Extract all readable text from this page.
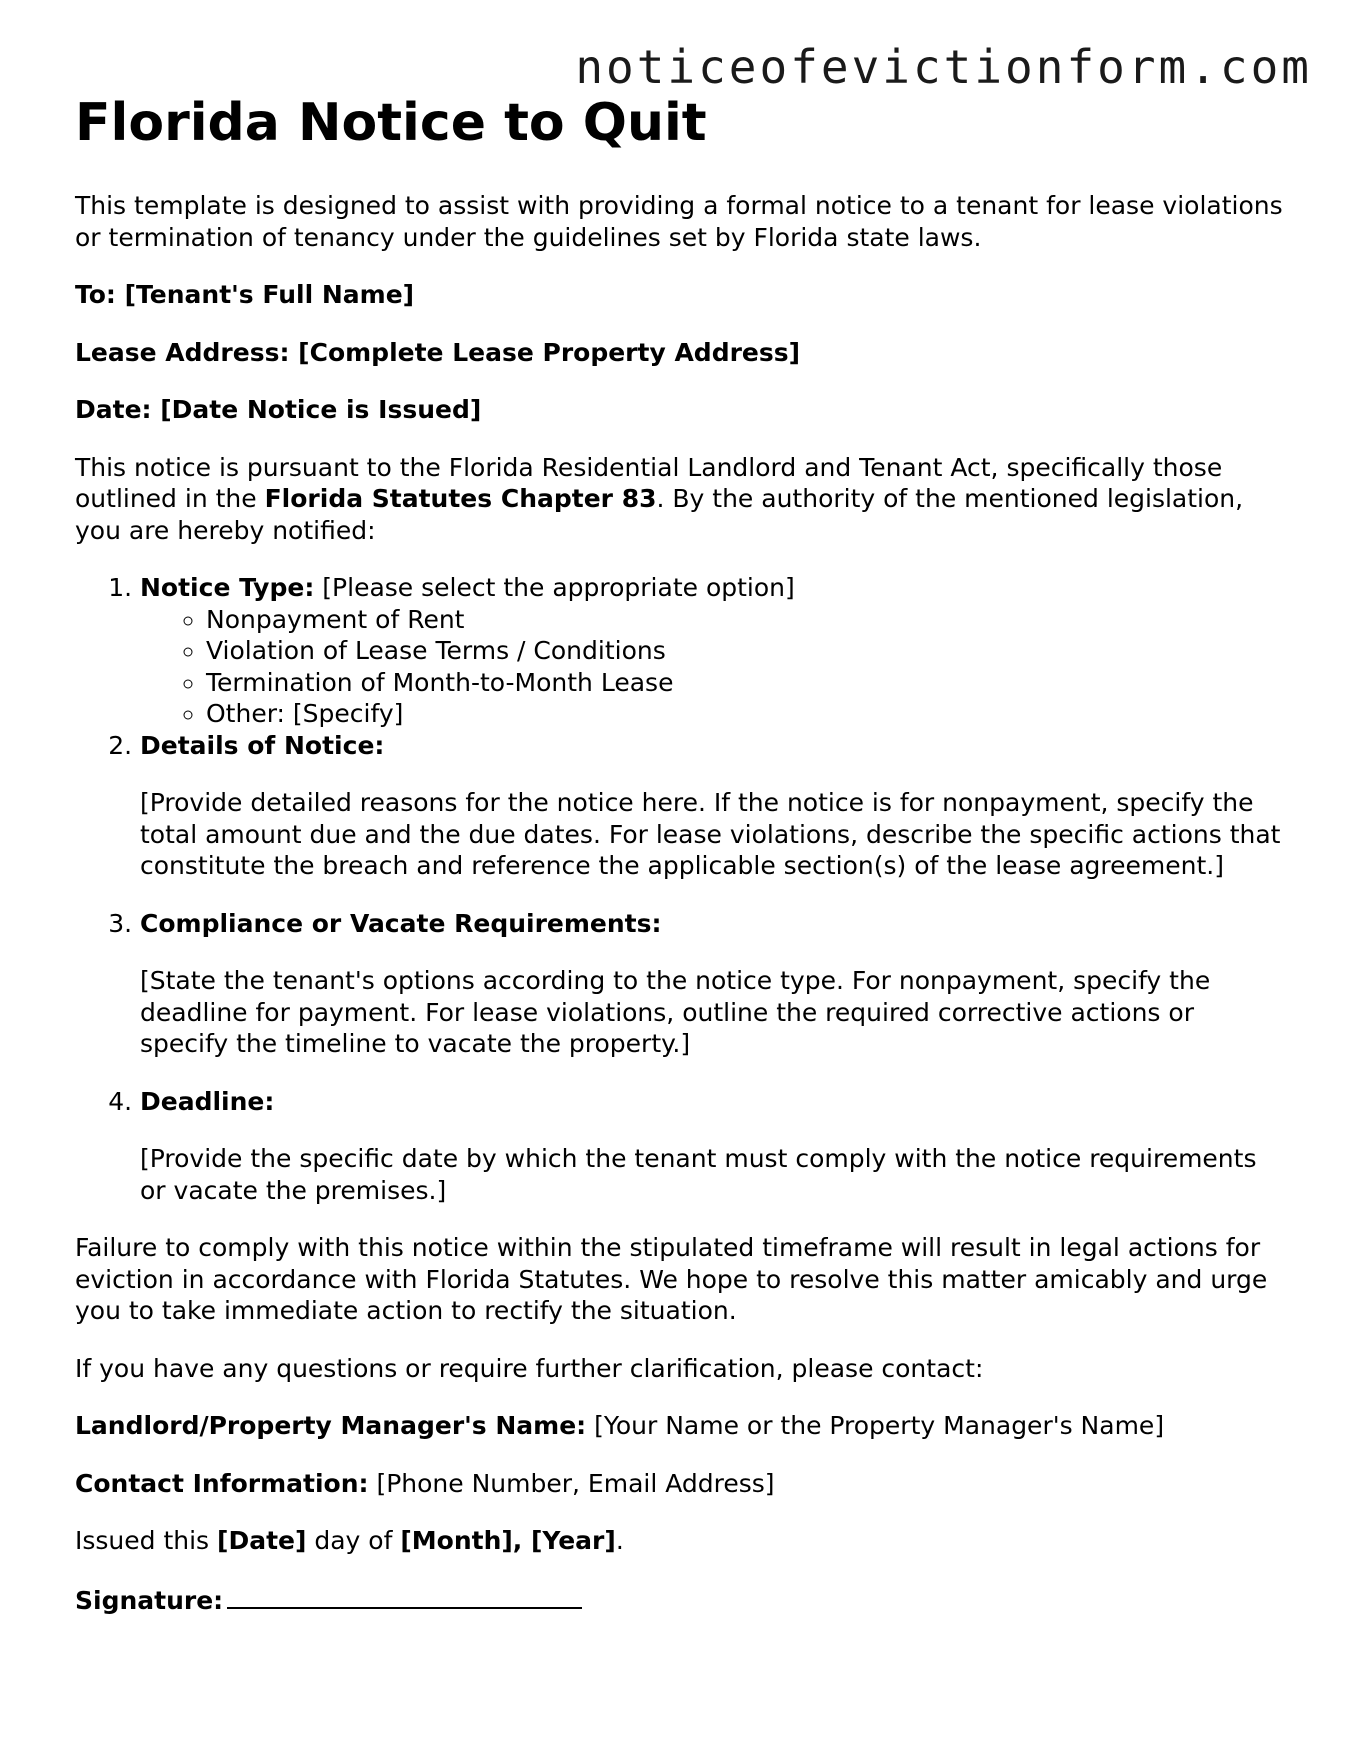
noticeofevictionform.com
Florida Notice to Quit

This template is designed to assist with providing a formal notice to a tenant for lease violations or termination of tenancy under the guidelines set by Florida state laws.

To: [Tenant's Full Name]

Lease Address: [Complete Lease Property Address]

Date: [Date Notice is Issued]

This notice is pursuant to the Florida Residential Landlord and Tenant Act, specifically those outlined in the Florida Statutes Chapter 83. By the authority of the mentioned legislation, you are hereby notified:

1. Notice Type: [Please select the appropriate option]
◦ Nonpayment of Rent
◦ Violation of Lease Terms / Conditions
◦ Termination of Month-to-Month Lease
◦ Other: [Specify]
2. Details of Notice:

[Provide detailed reasons for the notice here. If the notice is for nonpayment, specify the total amount due and the due dates. For lease violations, describe the specific actions that constitute the breach and reference the applicable section(s) of the lease agreement.]

3. Compliance or Vacate Requirements:

[State the tenant's options according to the notice type. For nonpayment, specify the deadline for payment. For lease violations, outline the required corrective actions or specify the timeline to vacate the property.]

4. Deadline:

[Provide the specific date by which the tenant must comply with the notice requirements or vacate the premises.]

Failure to comply with this notice within the stipulated timeframe will result in legal actions for eviction in accordance with Florida Statutes. We hope to resolve this matter amicably and urge you to take immediate action to rectify the situation.

If you have any questions or require further clarification, please contact:

Landlord/Property Manager's Name: [Your Name or the Property Manager's Name]

Contact Information: [Phone Number, Email Address]

Issued this [Date] day of [Month], [Year].

Signature:
